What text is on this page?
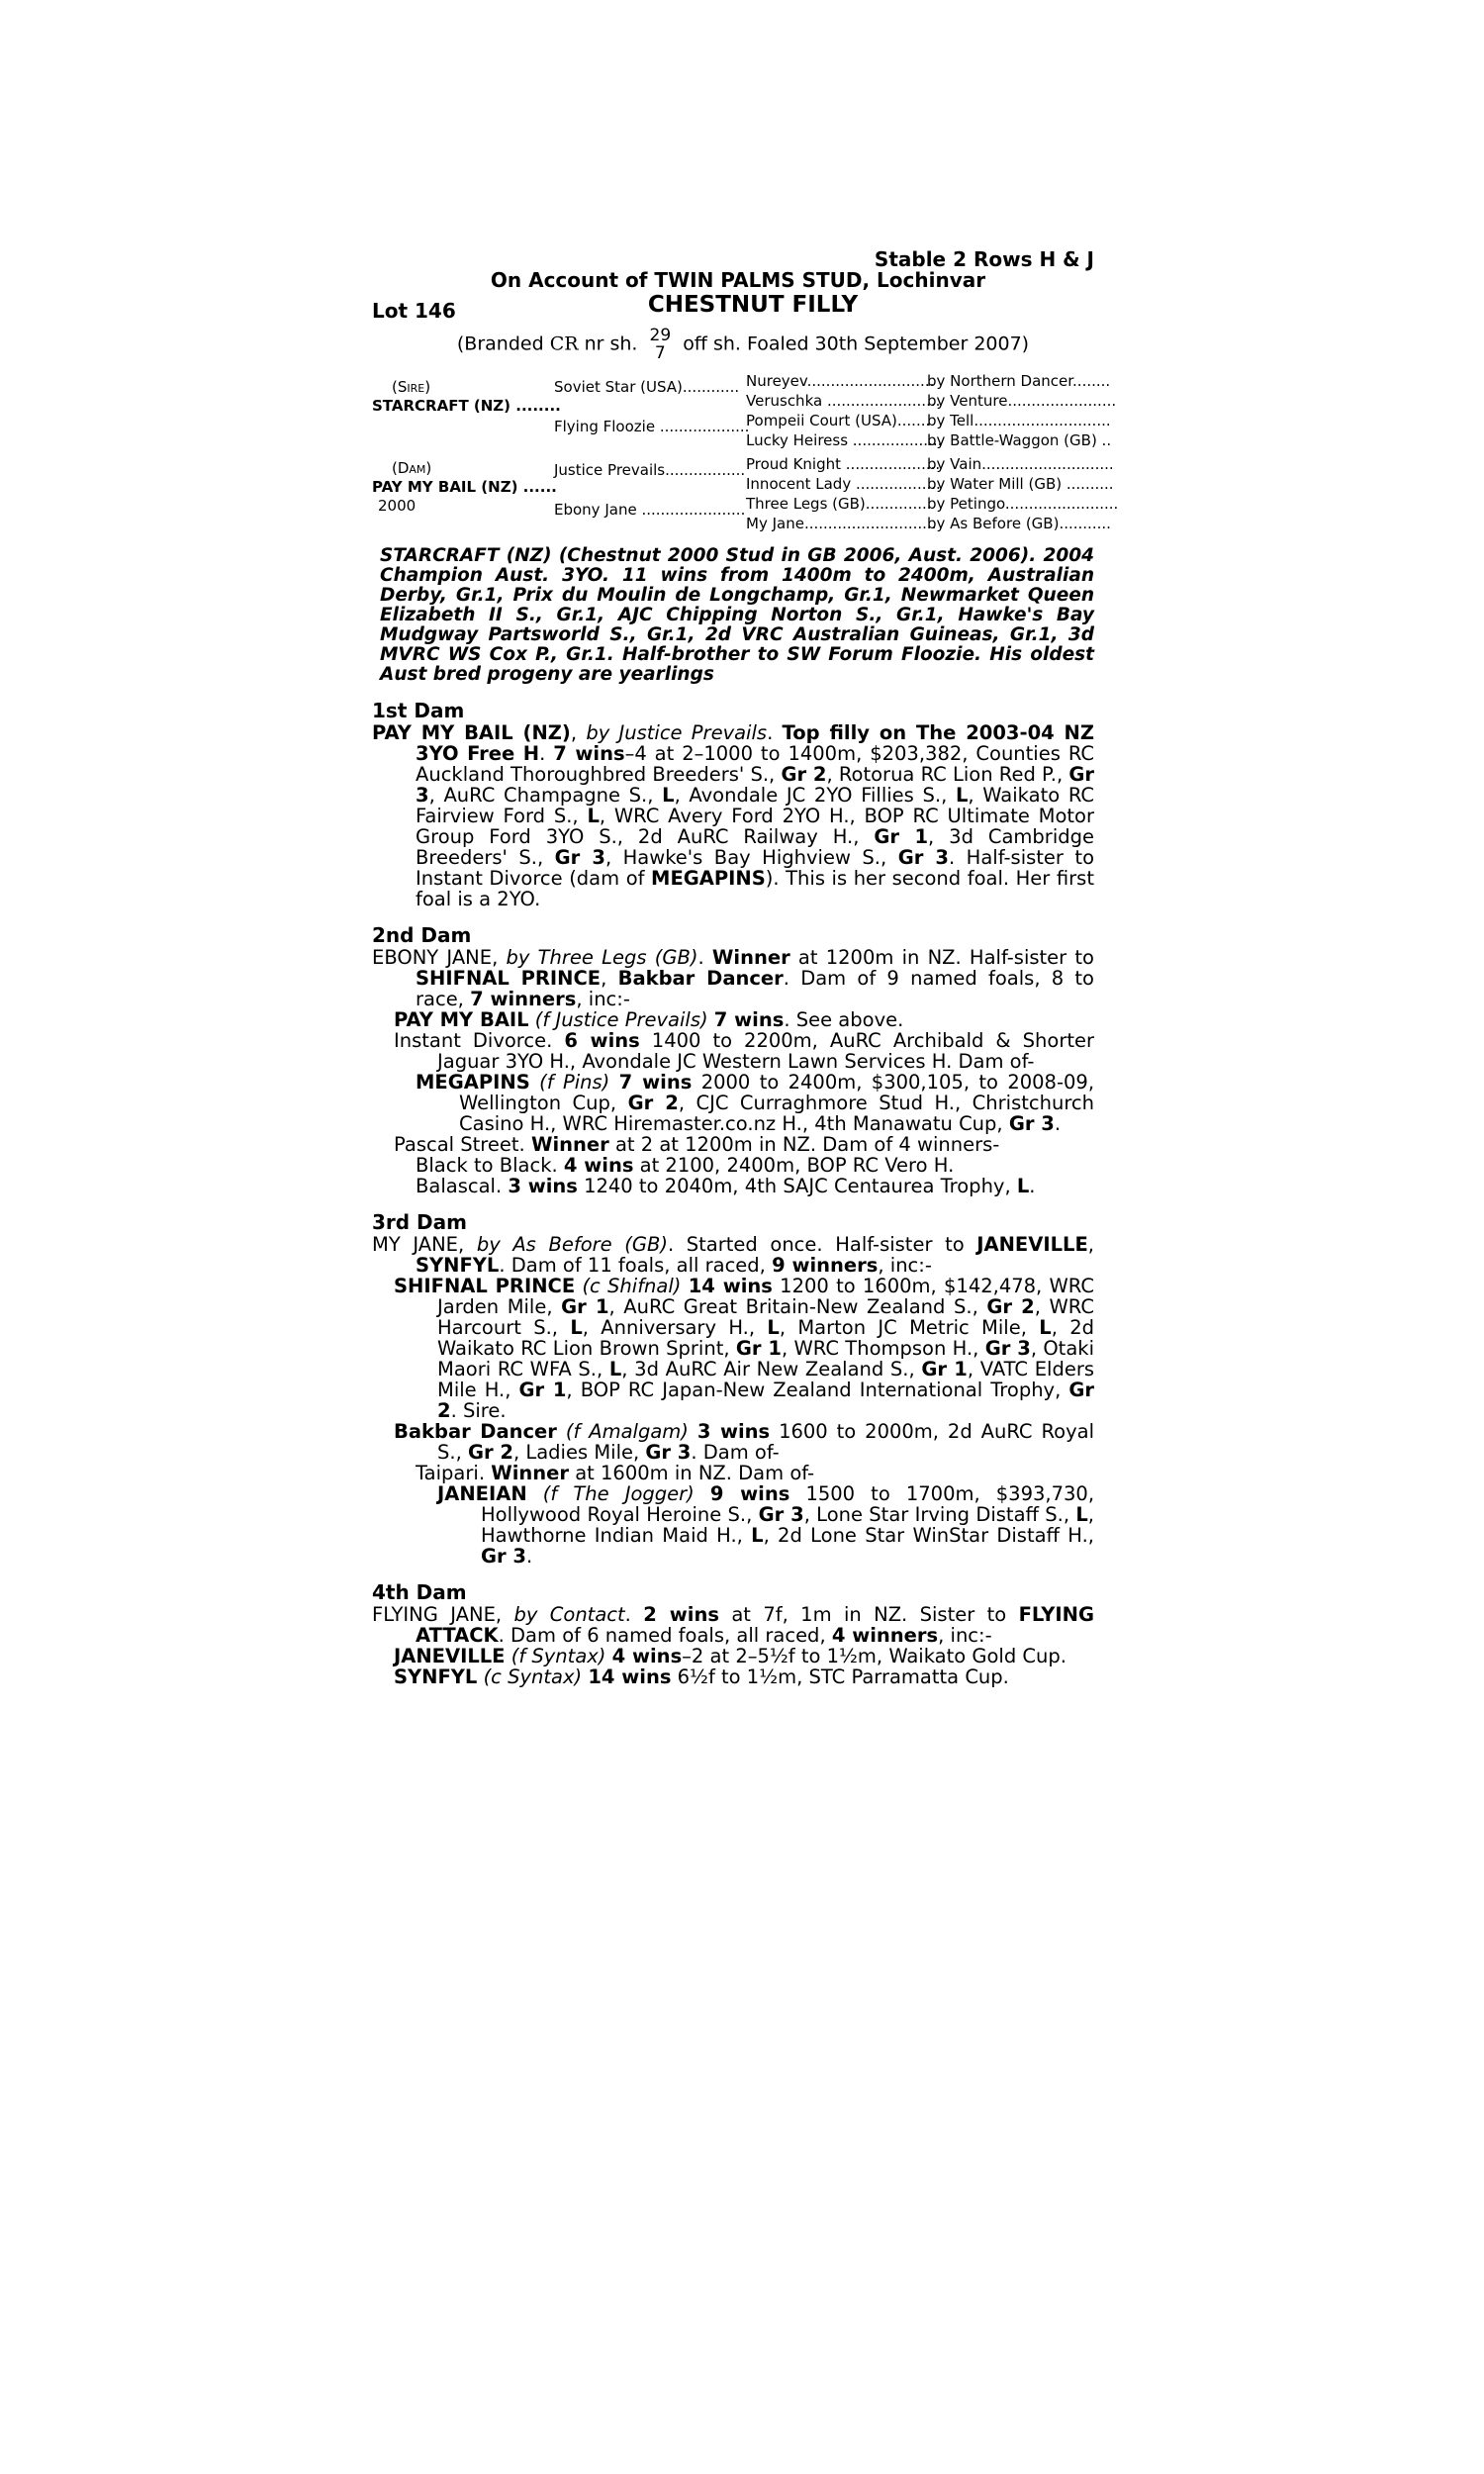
Stable 2 Rows H & J
On Account of TWIN PALMS STUD, Lochinvar
Lot 146	CHESTNUT FILLY
(Branded CR nr sh. 29
7 off sh. Foaled 30th September 2007)
(Sire)
STARCRAFT (NZ) ........
(Dam)
PAY MY BAIL (NZ) ......
2000
Soviet Star (USA)............
Flying Floozie ...................
Justice Prevails.................
Ebony Jane ......................
Nureyev...........................
Veruschka ........................
Pompeii Court (USA).......
Lucky Heiress ...................
Proud Knight ....................
Innocent Lady ..................
Three Legs (GB)..............
My Jane............................
by Northern Dancer........
by Venture.......................
by Tell.............................
by Battle-Waggon (GB) ..
by Vain............................
by Water Mill (GB) ..........
by Petingo........................
by As Before (GB)...........

STARCRAFT (NZ) (Chestnut 2000 Stud in GB 2006, Aust. 2006). 2004 Champion Aust. 3YO. 11 wins from 1400m to 2400m, Australian Derby, Gr.1, Prix du Moulin de Longchamp, Gr.1, Newmarket Queen Elizabeth II S., Gr.1, AJC Chipping Norton S., Gr.1, Hawke's Bay Mudgway Partsworld S., Gr.1, 2d VRC Australian Guineas, Gr.1, 3d MVRC WS Cox P., Gr.1. Half-brother to SW Forum Floozie. His oldest Aust bred progeny are yearlings

1st Dam

PAY MY BAIL (NZ), by Justice Prevails. Top filly on The 2003-04 NZ 3YO Free H. 7 wins–4 at 2–1000 to 1400m, $203,382, Counties RC Auckland Thoroughbred Breeders' S., Gr 2, Rotorua RC Lion Red P., Gr 3, AuRC Champagne S., L, Avondale JC 2YO Fillies S., L, Waikato RC Fairview Ford S., L, WRC Avery Ford 2YO H., BOP RC Ultimate Motor Group Ford 3YO S., 2d AuRC Railway H., Gr 1, 3d Cambridge Breeders' S., Gr 3, Hawke's Bay Highview S., Gr 3. Half-sister to Instant Divorce (dam of MEGAPINS). This is her second foal. Her first foal is a 2YO.

2nd Dam

EBONY JANE, by Three Legs (GB). Winner at 1200m in NZ. Half-sister to SHIFNAL PRINCE, Bakbar Dancer. Dam of 9 named foals, 8 to race, 7 winners, inc:-

PAY MY BAIL (f Justice Prevails) 7 wins. See above.

Instant Divorce. 6 wins 1400 to 2200m, AuRC Archibald & Shorter Jaguar 3YO H., Avondale JC Western Lawn Services H. Dam of-

MEGAPINS (f Pins) 7 wins 2000 to 2400m, $300,105, to 2008-09, Wellington Cup, Gr 2, CJC Curraghmore Stud H., Christchurch Casino H., WRC Hiremaster.co.nz H., 4th Manawatu Cup, Gr 3.

Pascal Street. Winner at 2 at 1200m in NZ. Dam of 4 winners-

Black to Black. 4 wins at 2100, 2400m, BOP RC Vero H.

Balascal. 3 wins 1240 to 2040m, 4th SAJC Centaurea Trophy, L.

3rd Dam

MY JANE, by As Before (GB). Started once. Half-sister to JANEVILLE, SYNFYL. Dam of 11 foals, all raced, 9 winners, inc:-

SHIFNAL PRINCE (c Shifnal) 14 wins 1200 to 1600m, $142,478, WRC Jarden Mile, Gr 1, AuRC Great Britain-New Zealand S., Gr 2, WRC Harcourt S., L, Anniversary H., L, Marton JC Metric Mile, L, 2d Waikato RC Lion Brown Sprint, Gr 1, WRC Thompson H., Gr 3, Otaki Maori RC WFA S., L, 3d AuRC Air New Zealand S., Gr 1, VATC Elders Mile H., Gr 1, BOP RC Japan-New Zealand International Trophy, Gr 2. Sire.

Bakbar Dancer (f Amalgam) 3 wins 1600 to 2000m, 2d AuRC Royal S., Gr 2, Ladies Mile, Gr 3. Dam of-

Taipari. Winner at 1600m in NZ. Dam of-

JANEIAN (f The Jogger) 9 wins 1500 to 1700m, $393,730, Hollywood Royal Heroine S., Gr 3, Lone Star Irving Distaff S., L, Hawthorne Indian Maid H., L, 2d Lone Star WinStar Distaff H., Gr 3.

4th Dam

FLYING JANE, by Contact. 2 wins at 7f, 1m in NZ. Sister to FLYING ATTACK. Dam of 6 named foals, all raced, 4 winners, inc:-

JANEVILLE (f Syntax) 4 wins–2 at 2–5½f to 1½m, Waikato Gold Cup.

SYNFYL (c Syntax) 14 wins 6½f to 1½m, STC Parramatta Cup.
